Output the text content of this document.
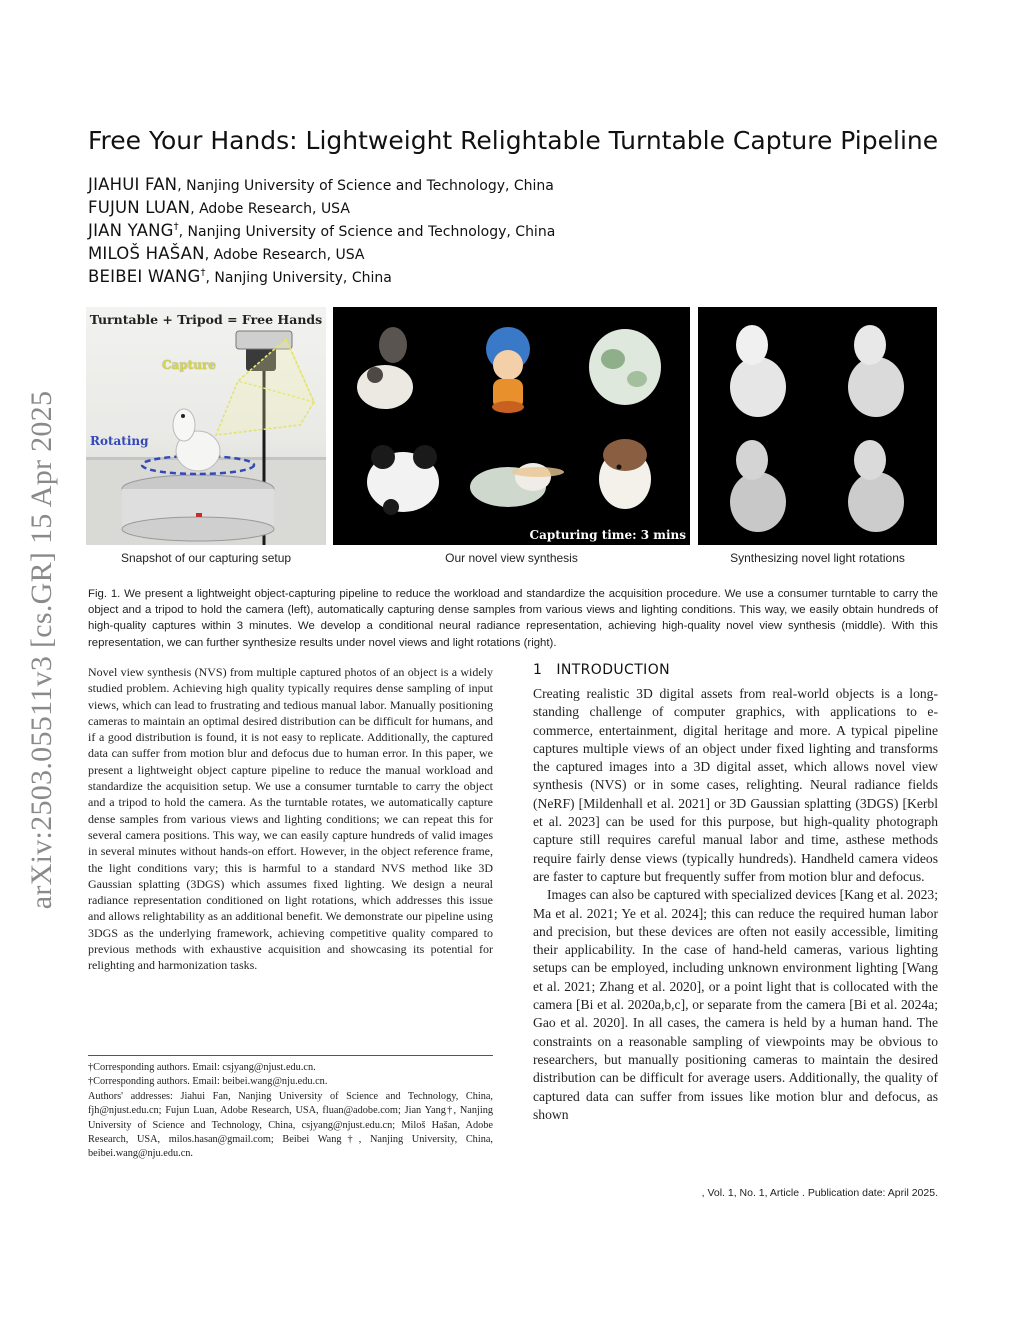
arXiv:2503.05511v3 [cs.GR] 15 Apr 2025
Free Your Hands: Lightweight Relightable Turntable Capture Pipeline
JIAHUI FAN, Nanjing University of Science and Technology, China
FUJUN LUAN, Adobe Research, USA
JIAN YANG†, Nanjing University of Science and Technology, China
MILOŠ HAŠAN, Adobe Research, USA
BEIBEI WANG†, Nanjing University, China
Turntable + Tripod = Free Hands
Capture
Rotating
Capturing time: 3 mins
Snapshot of our capturing setup	Our novel view synthesis	Synthesizing novel light rotations
Fig. 1. We present a lightweight object-capturing pipeline to reduce the workload and standardize the acquisition procedure. We use a consumer turntable to carry the object and a tripod to hold the camera (left), automatically capturing dense samples from various views and lighting conditions. This way, we easily obtain hundreds of high-quality captures within 3 minutes. We develop a conditional neural radiance representation, achieving high-quality novel view synthesis (middle). With this representation, we can further synthesize results under novel views and light rotations (right).
Novel view synthesis (NVS) from multiple captured photos of an object is a widely studied problem. Achieving high quality typically requires dense sampling of input views, which can lead to frustrating and tedious manual labor. Manually positioning cameras to maintain an optimal desired distribution can be difficult for humans, and if a good distribution is found, it is not easy to replicate. Additionally, the captured data can suffer from motion blur and defocus due to human error. In this paper, we present a lightweight object capture pipeline to reduce the manual workload and standardize the acquisition setup. We use a consumer turntable to carry the object and a tripod to hold the camera. As the turntable rotates, we automatically capture dense samples from various views and lighting conditions; we can repeat this for several camera positions. This way, we can easily capture hundreds of valid images in several minutes without hands-on effort. However, in the object reference frame, the light conditions vary; this is harmful to a standard NVS method like 3D Gaussian splatting (3DGS) which assumes fixed lighting. We design a neural radiance representation conditioned on light rotations, which addresses this issue and allows relightability as an additional benefit. We demonstrate our pipeline using 3DGS as the underlying framework, achieving competitive quality compared to previous methods with exhaustive acquisition and showcasing its potential for relighting and harmonization tasks.
1 INTRODUCTION

Creating realistic 3D digital assets from real-world objects is a long-standing challenge of computer graphics, with applications to e-commerce, entertainment, digital heritage and more. A typical pipeline captures multiple views of an object under fixed lighting and transforms the captured images into a 3D digital asset, which allows novel view synthesis (NVS) or in some cases, relighting. Neural radiance fields (NeRF) [Mildenhall et al. 2021] or 3D Gaussian splatting (3DGS) [Kerbl et al. 2023] can be used for this purpose, but high-quality photograph capture still requires careful manual labor and time, asthese methods require fairly dense views (typically hundreds). Handheld camera videos are faster to capture but frequently suffer from motion blur and defocus.

Images can also be captured with specialized devices [Kang et al. 2023; Ma et al. 2021; Ye et al. 2024]; this can reduce the required human labor and precision, but these devices are often not easily accessible, limiting their applicability. In the case of hand-held cameras, various lighting setups can be employed, including unknown environment lighting [Wang et al. 2021; Zhang et al. 2020], or a point light that is collocated with the camera [Bi et al. 2020a,b,c], or separate from the camera [Bi et al. 2024a; Gao et al. 2020]. In all cases, the camera is held by a human hand. The constraints on a reasonable sampling of viewpoints may be obvious to researchers, but manually positioning cameras to maintain the desired distribution can be difficult for average users. Additionally, the quality of captured data can suffer from issues like motion blur and defocus, as shown

†Corresponding authors. Email: csjyang@njust.edu.cn.
†Corresponding authors. Email: beibei.wang@nju.edu.cn.
Authors' addresses: Jiahui Fan, Nanjing University of Science and Technology, China, fjh@njust.edu.cn; Fujun Luan, Adobe Research, USA, fluan@adobe.com; Jian Yang†, Nanjing University of Science and Technology, China, csjyang@njust.edu.cn; Miloš Hašan, Adobe Research, USA, milos.hasan@gmail.com; Beibei Wang†, Nanjing University, China, beibei.wang@nju.edu.cn.
, Vol. 1, No. 1, Article . Publication date: April 2025.
